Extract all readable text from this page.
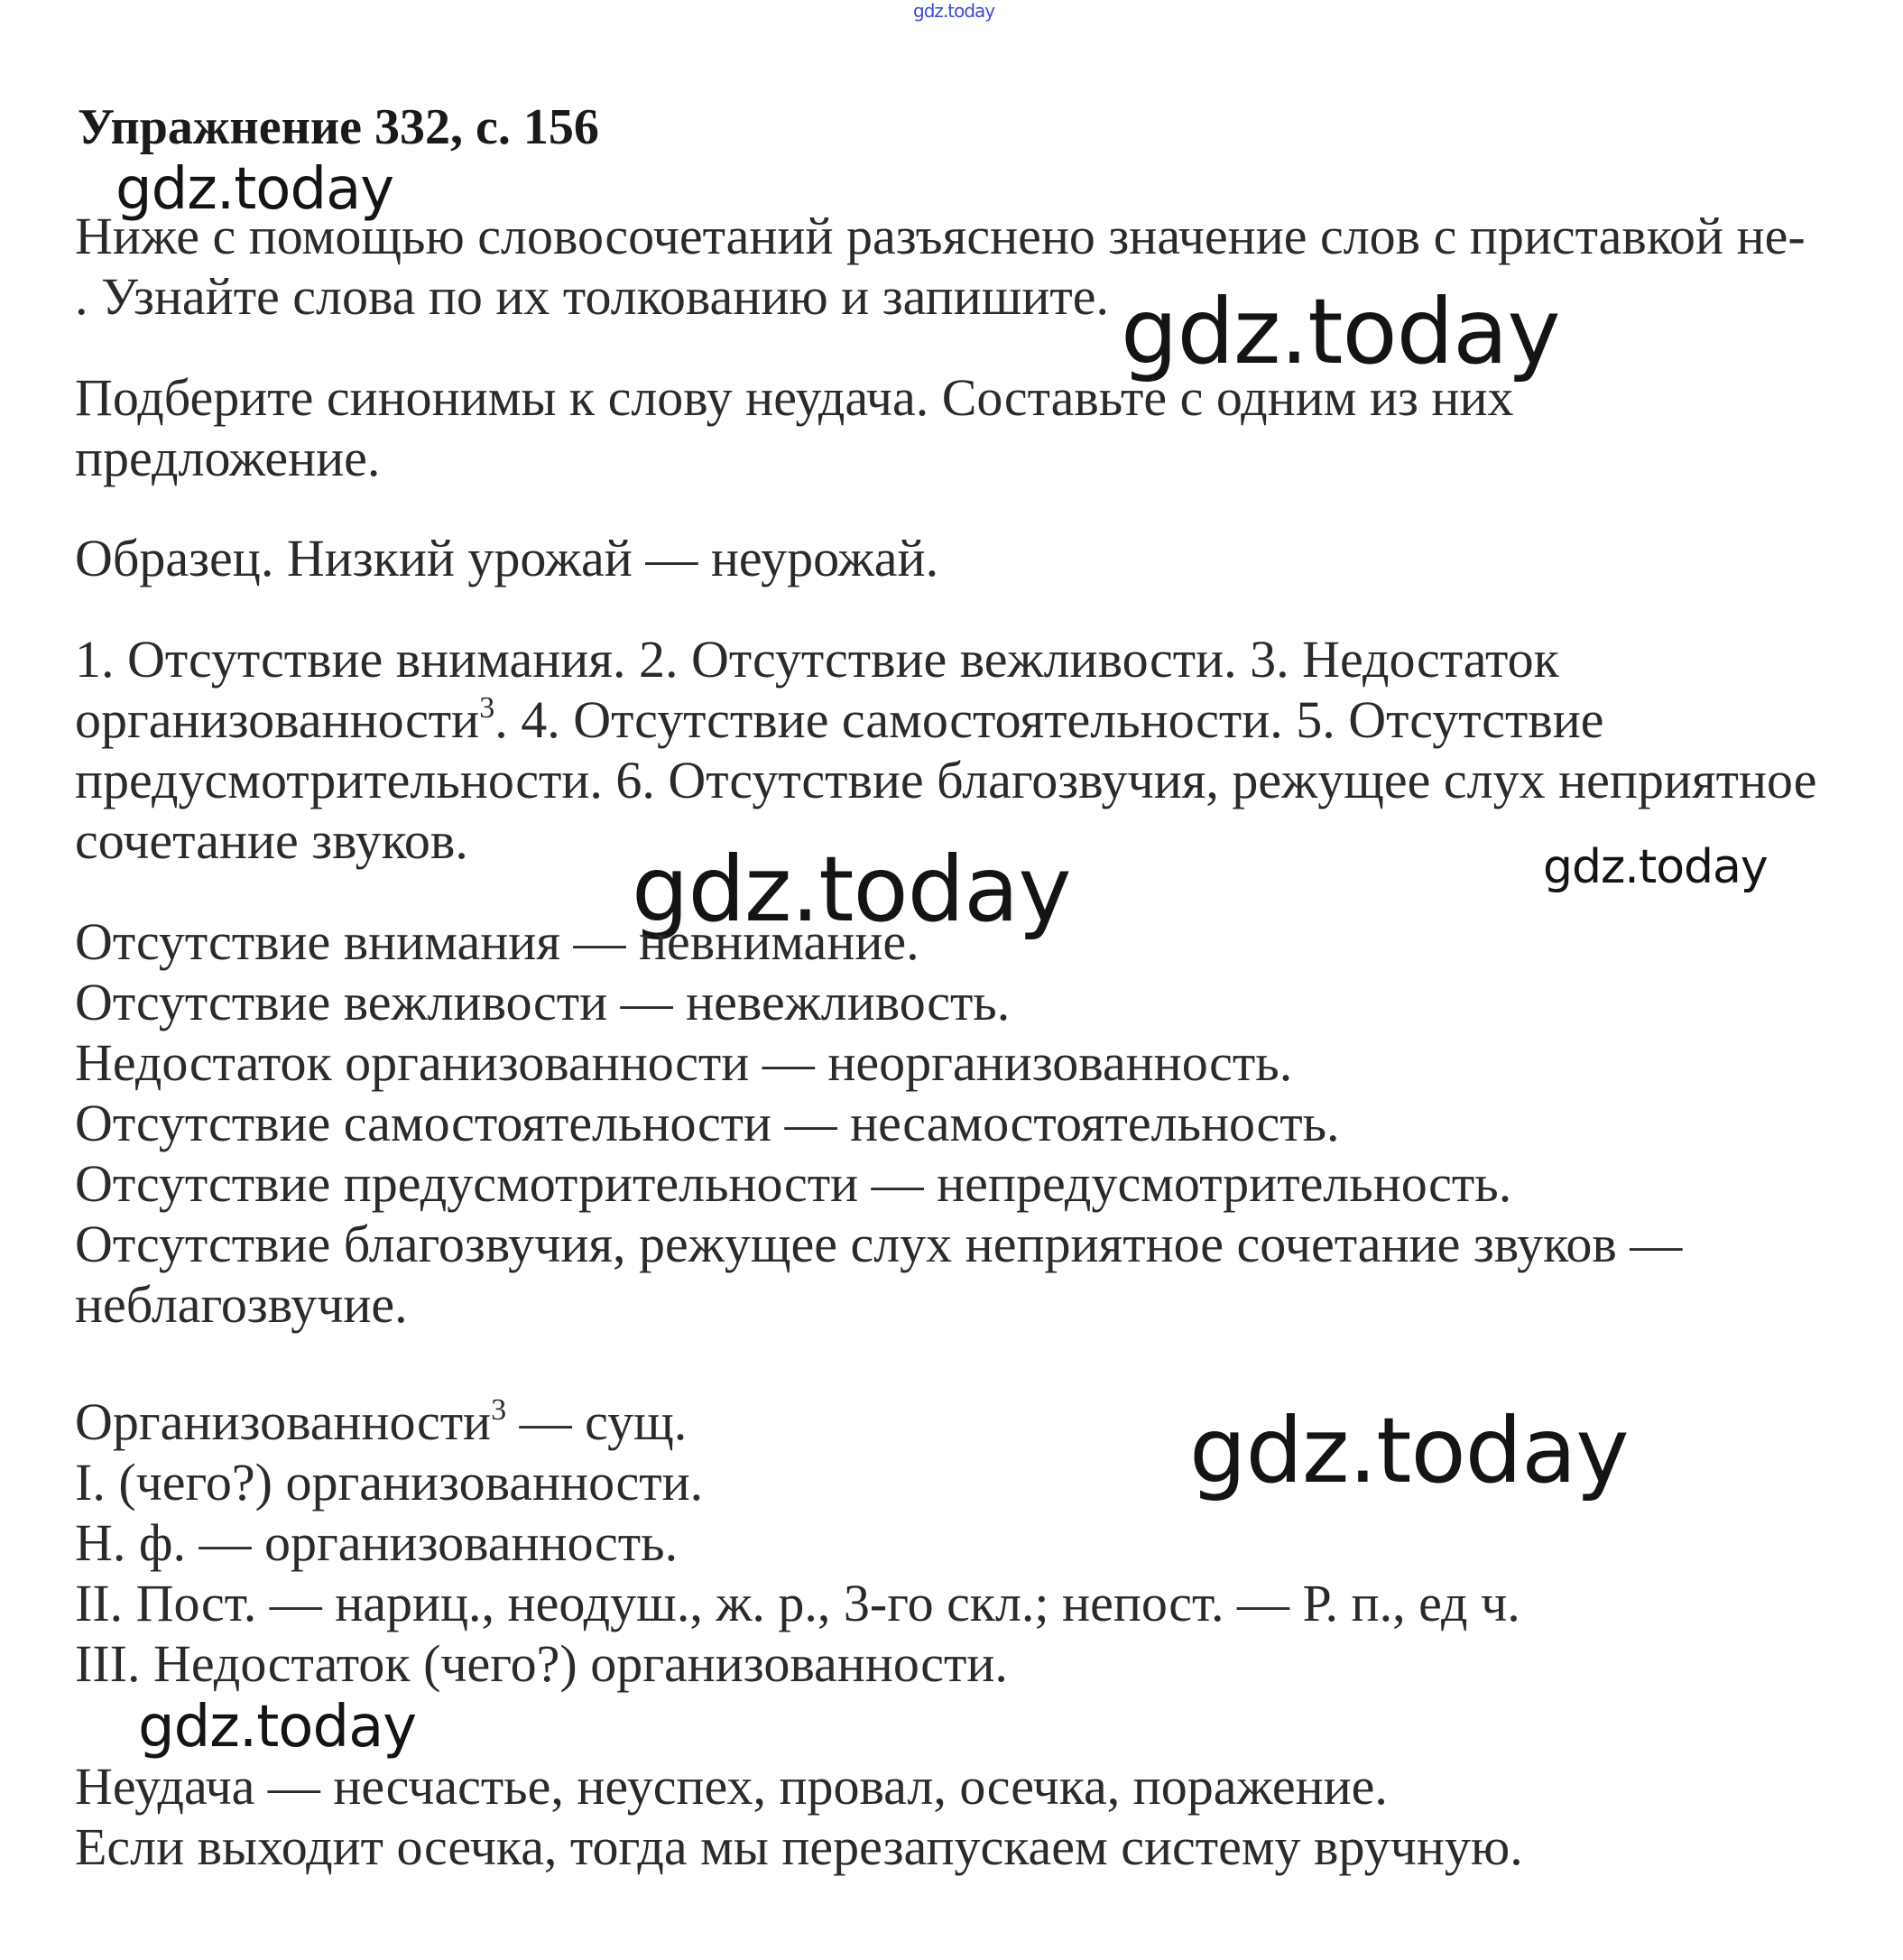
gdz.today
Упражнение 332, с. 156
gdz.today

Ниже с помощью словосочетаний разъяснено значение слов с приставкой не-

. Узнайте слова по их толкованию и запишите. gdz.today

Подберите синонимы к слову неудача. Составьте с одним из них

предложение.

Образец. Низкий урожай — неурожай.

1. Отсутствие внимания. 2. Отсутствие вежливости. 3. Недостаток

организованности$^3$. 4. Отсутствие самостоятельности. 5. Отсутствие

предусмотрительности. 6. Отсутствие благозвучия, режущее слух неприятное

сочетание звуков. gdz.today	gdz.today

Отсутствие внимания — невнимание.

Отсутствие вежливости — невежливость.

Недостаток организованности — неорганизованность.

Отсутствие самостоятельности — несамостоятельность.

Отсутствие предусмотрительности — непредусмотрительность.

Отсутствие благозвучия, режущее слух неприятное сочетание звуков —

неблагозвучие.

gdz.today

Организованности$^3$ — сущ.

I. (чего?) организованности.

Н. ф. — организованность.

II. Пост. — нариц., неодуш., ж. р., 3-го скл.; непост. — Р. п., ед ч.

III. Недостаток (чего?) организованности.

gdz.today

Неудача — несчастье, неуспех, провал, осечка, поражение.

Если выходит осечка, тогда мы перезапускаем систему вручную.
